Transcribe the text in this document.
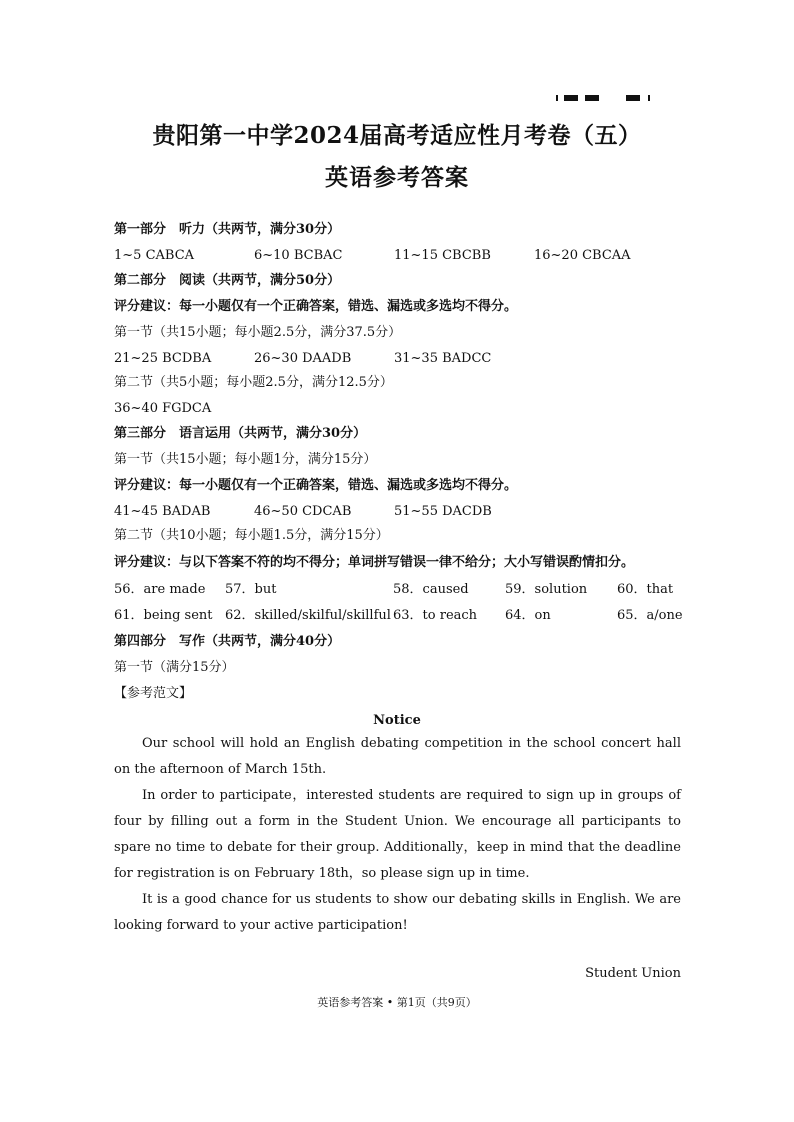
贵阳第一中学2024届高考适应性月考卷（五）
英语参考答案
第一部分　听力（共两节，满分30分）
1~5 CABCA	6~10 BCBAC	11~15 CBCBB	16~20 CBCAA
第二部分　阅读（共两节，满分50分）
评分建议：每一小题仅有一个正确答案，错选、漏选或多选均不得分。
第一节（共15小题；每小题2.5分，满分37.5分）
21~25 BCDBA	26~30 DAADB	31~35 BADCC
第二节（共5小题；每小题2.5分，满分12.5分）
36~40 FGDCA
第三部分　语言运用（共两节，满分30分）
第一节（共15小题；每小题1分，满分15分）
评分建议：每一小题仅有一个正确答案，错选、漏选或多选均不得分。
41~45 BADAB	46~50 CDCAB	51~55 DACDB
第二节（共10小题；每小题1.5分，满分15分）
评分建议：与以下答案不符的均不得分；单词拼写错误一律不给分；大小写错误酌情扣分。
56．are made 57．but	58．caused	59．solution 60．that
61．being sent 62．skilled/skilful/skillful 63．to reach 64．on	65．a/one
第四部分　写作（共两节，满分40分）
第一节（满分15分）
【参考范文】
Notice

Our school will hold an English debating competition in the school concert hall on the afternoon of March 15th.

In order to participate，interested students are required to sign up in groups of four by filling out a form in the Student Union. We encourage all participants to spare no time to debate for their group. Additionally，keep in mind that the deadline for registration is on February 18th，so please sign up in time.

It is a good chance for us students to show our debating skills in English. We are looking forward to your active participation!

Student Union
英语参考答案 • 第1页（共9页）
